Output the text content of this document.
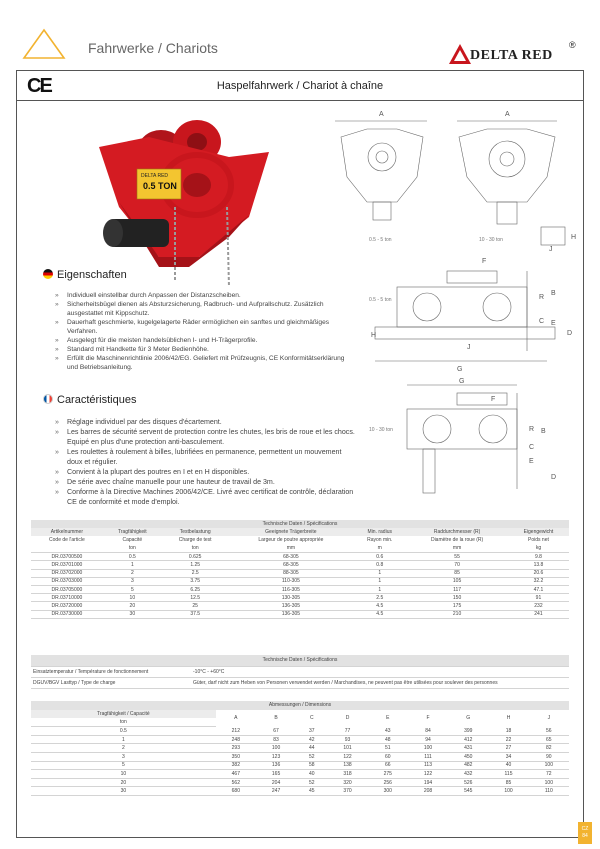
Fahrwerke / Chariots	DELTA RED
®
CE	Haspelfahrwerk / Chariot à chaîne
DELTA RED
0.5 TON
A	A
H
J
0.5 - 5 ton	10 - 30 ton
F
R
B
C E
D
H
J
G
0.5 - 5 ton
G
F
R B
C
E
D
10 - 30 ton
Eigenschaften
» Individuell einstellbar durch Anpassen der Distanzscheiben.
» Sicherheitsbügel dienen als Absturzsicherung, Radbruch- und Aufprallschutz. Zusätzlich ausgestattet mit Kippschutz.
» Dauerhaft geschmierte, kugelgelagerte Räder ermöglichen ein sanftes und gleichmäßiges Verfahren.
» Ausgelegt für die meisten handelsüblichen I- und H-Trägerprofile.
» Standard mit Handkette für 3 Meter Bedienhöhe.
» Erfüllt die Maschinenrichtlinie 2006/42/EG. Geliefert mit Prüfzeugnis, CE Konformitätserklärung und Betriebsanleitung.
Caractéristiques
» Réglage individuel par des disques d'écartement.
» Les barres de sécurité servent de protection contre les chutes, les bris de roue et les chocs. Equipé en plus d'une protection anti-basculement.
» Les roulettes à roulement à billes, lubrifiées en permanence, permettent un mouvement doux et régulier.
» Convient à la plupart des poutres en I et en H disponibles.
» De série avec chaîne manuelle pour une hauteur de travail de 3m.
» Conforme à la Directive Machines 2006/42/CE. Livré avec certificat de contrôle, déclaration CE de conformité et mode d'emploi.
Technische Daten / Spécifications						
Artikelnummer	Tragfähigkeit	Testbelastung	Geeignete Trägerbreite	Min. radius	Raddurchmesser (R)	Eigengewicht
Code de l'article	Capacité	Charge de test	Largeur de poutre appropriée	Rayon min.	Diamètre de la roue (R)	Poids net
	ton	ton	mm	m	mm	kg
DR.03700500	0.5	0.625	68-305	0.6	55	9.8
DR.03701000	1	1.25	68-305	0.8	70	13.8
DR.03702000	2	2.5	88-305	1	85	20.6
DR.03703000	3	3.75	110-305	1	105	32.2
DR.03705000	5	6.25	116-305	1	117	47.1
DR.03710000	10	12.5	130-305	2.5	150	91
DR.03720000	20	25	136-305	4.5	175	232
DR.03730000	30	37.5	136-305	4.5	210	241
Technische Daten / Spécifications	
Einsatztemperatur / Température de fonctionnement	-10°C - +60°C
DGUV/BGV Lasttyp / Type de charge	Güter, darf nicht zum Heben von Personen verwendet werden / Marchandises, ne peuvent pas être utilisées pour soulever des personnes
Abmessungen / Dimensions									
Tragfähigkeit / Capacité	A	B	C	D	E	F	G	H	J
ton									
0.5	212	67	37	77	43	84	399	18	56
1	248	83	42	93	48	94	412	22	65
2	293	100	44	101	51	100	431	27	82
3	350	123	52	122	60	111	450	34	90
5	382	136	58	138	66	113	482	40	100
10	467	165	40	318	275	122	432	115	72
20	562	204	52	320	256	194	526	85	100
30	680	247	45	370	300	208	545	100	110
CZ
84
